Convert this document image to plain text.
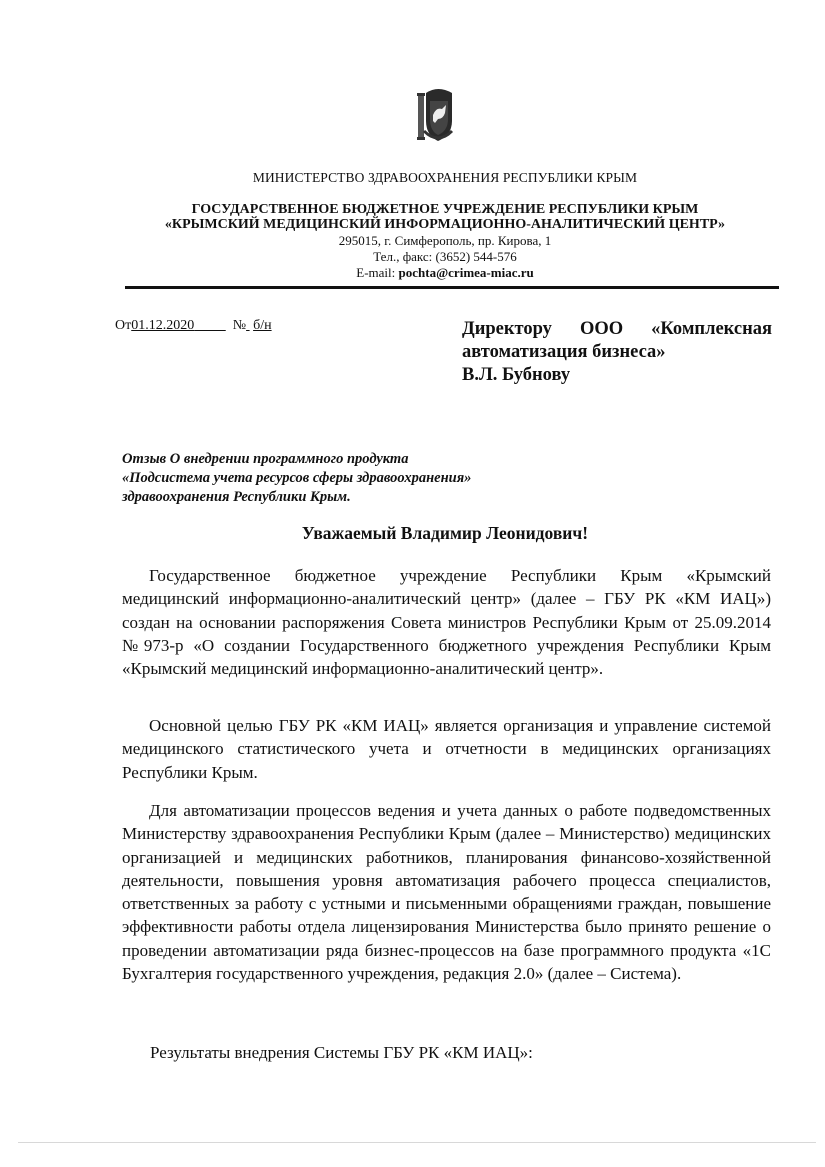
МИНИСТЕРСТВО ЗДРАВООХРАНЕНИЯ РЕСПУБЛИКИ КРЫМ
ГОСУДАРСТВЕННОЕ БЮДЖЕТНОЕ УЧРЕЖДЕНИЕ РЕСПУБЛИКИ КРЫМ
«КРЫМСКИЙ МЕДИЦИНСКИЙ ИНФОРМАЦИОННО-АНАЛИТИЧЕСКИЙ ЦЕНТР»
295015, г. Симферополь, пр. Кирова, 1
Тел., факс: (3652) 544-576
E-mail: pochta@crimea-miac.ru
От01.12.2020	№ б/н	Директору ООО «Комплексная
автоматизация бизнеса»
В.Л. Бубнову
Отзыв О внедрении программного продукта
«Подсистема учета ресурсов сферы здравоохранения»
здравоохранения Республики Крым.
Уважаемый Владимир Леонидович!
Государственное бюджетное учреждение Республики Крым «Крымский медицинский информационно-аналитический центр» (далее – ГБУ РК «КМ ИАЦ») создан на основании распоряжения Совета министров Республики Крым от 25.09.2014 №973-р «О создании Государственного бюджетного учреждения Республики Крым «Крымский медицинский информационно-аналитический центр».
Основной целью ГБУ РК «КМ ИАЦ» является организация и управление системой медицинского статистического учета и отчетности в медицинских организациях Республики Крым.
Для автоматизации процессов ведения и учета данных о работе подведомственных Министерству здравоохранения Республики Крым (далее – Министерство) медицинских организацией и медицинских работников, планирования финансово-хозяйственной деятельности, повышения уровня автоматизация рабочего процесса специалистов, ответственных за работу с устными и письменными обращениями граждан, повышение эффективности работы отдела лицензирования Министерства было принято решение о проведении автоматизации ряда бизнес-процессов на базе программного продукта «1С Бухгалтерия государственного учреждения, редакция 2.0» (далее – Система).
Результаты внедрения Системы ГБУ РК «КМ ИАЦ»:
